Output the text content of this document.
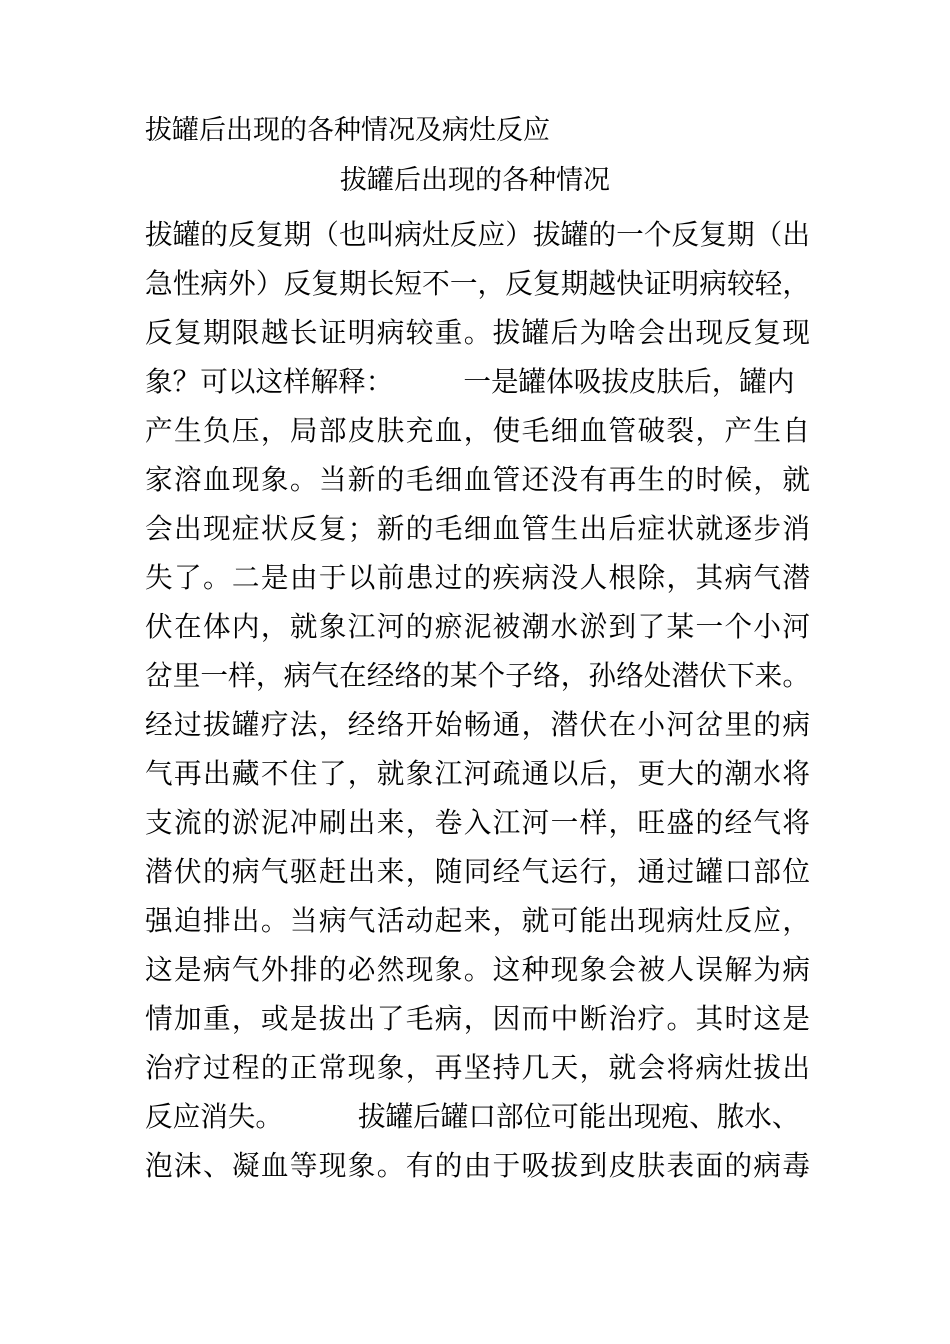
拔罐后出现的各种情况及病灶反应
拔罐后出现的各种情况
拔罐的反复期（也叫病灶反应）拔罐的一个反复期（出
急性病外）反复期长短不一，反复期越快证明病较轻，
反复期限越长证明病较重。拔罐后为啥会出现反复现
象？可以这样解释：	一是罐体吸拔皮肤后，罐内
产生负压，局部皮肤充血，使毛细血管破裂，产生自
家溶血现象。当新的毛细血管还没有再生的时候，就
会出现症状反复；新的毛细血管生出后症状就逐步消
失了。二是由于以前患过的疾病没人根除，其病气潜
伏在体内，就象江河的瘀泥被潮水淤到了某一个小河
岔里一样，病气在经络的某个子络，孙络处潜伏下来。
经过拔罐疗法，经络开始畅通，潜伏在小河岔里的病
气再出藏不住了，就象江河疏通以后，更大的潮水将
支流的淤泥冲刷出来，卷入江河一样，旺盛的经气将
潜伏的病气驱赶出来，随同经气运行，通过罐口部位
强迫排出。当病气活动起来，就可能出现病灶反应，
这是病气外排的必然现象。这种现象会被人误解为病
情加重，或是拔出了毛病，因而中断治疗。其时这是
治疗过程的正常现象，再坚持几天，就会将病灶拔出
反应消失。	拔罐后罐口部位可能出现疱、脓水、
泡沫、凝血等现象。有的由于吸拔到皮肤表面的病毒
